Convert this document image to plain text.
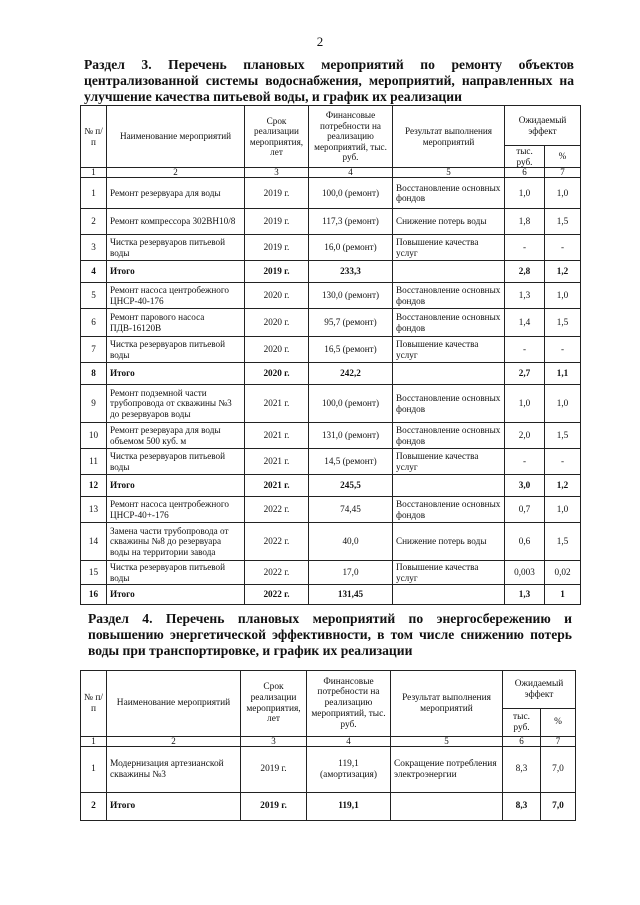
2
Раздел 3. Перечень плановых мероприятий по ремонту объектов централизованной системы водоснабжения, мероприятий, направленных на улучшение качества питьевой воды, и график их реализации
№ п/п	Наименование мероприятий	Срок реализации мероприятия, лет	Финансовые потребности на реализацию мероприятий, тыс. руб.	Результат выполнения мероприятий	Ожидаемый эффект	
					тыс. руб.	%
1	2	3	4	5	6	7
1	Ремонт резервуара для воды	2019 г.	100,0 (ремонт)	Восстановление основных фондов	1,0	1,0
2	Ремонт компрессора 302ВН10/8	2019 г.	117,3 (ремонт)	Снижение потерь воды	1,8	1,5
3	Чистка резервуаров питьевой воды	2019 г.	16,0 (ремонт)	Повышение качества услуг	-	-
4	Итого	2019 г.	233,3		2,8	1,2
5	Ремонт насоса центробежного ЦНСР-40-176	2020 г.	130,0 (ремонт)	Восстановление основных фондов	1,3	1,0
6	Ремонт парового насоса ПДВ-16120В	2020 г.	95,7 (ремонт)	Восстановление основных фондов	1,4	1,5
7	Чистка резервуаров питьевой воды	2020 г.	16,5 (ремонт)	Повышение качества услуг	-	-
8	Итого	2020 г.	242,2		2,7	1,1
9	Ремонт подземной части трубопровода от скважины №3 до резервуаров воды	2021 г.	100,0 (ремонт)	Восстановление основных фондов	1,0	1,0
10	Ремонт резервуара для воды объемом 500 куб. м	2021 г.	131,0 (ремонт)	Восстановление основных фондов	2,0	1,5
11	Чистка резервуаров питьевой воды	2021 г.	14,5 (ремонт)	Повышение качества услуг	-	-
12	Итого	2021 г.	245,5		3,0	1,2
13	Ремонт насоса центробежного ЦНСР-40+-176	2022 г.	74,45	Восстановление основных фондов	0,7	1,0
14	Замена части трубопровода от скважины №8 до резервуара воды на территории завода	2022 г.	40,0	Снижение потерь воды	0,6	1,5
15	Чистка резервуаров питьевой воды	2022 г.	17,0	Повышение качества услуг	0,003	0,02
16	Итого	2022 г.	131,45		1,3	1
Раздел 4. Перечень плановых мероприятий по энергосбережению и повышению энергетической эффективности, в том числе снижению потерь воды при транспортировке, и график их реализации
№ п/п	Наименование мероприятий	Срок реализации мероприятия, лет	Финансовые потребности на реализацию мероприятий, тыс. руб.	Результат выполнения мероприятий	Ожидаемый эффект	
					тыс. руб.	%
1	2	3	4	5	6	7
1	Модернизация артезианской скважины №3	2019 г.	119,1 (амортизация)	Сокращение потребления электроэнергии	8,3	7,0
2	Итого	2019 г.	119,1		8,3	7,0
